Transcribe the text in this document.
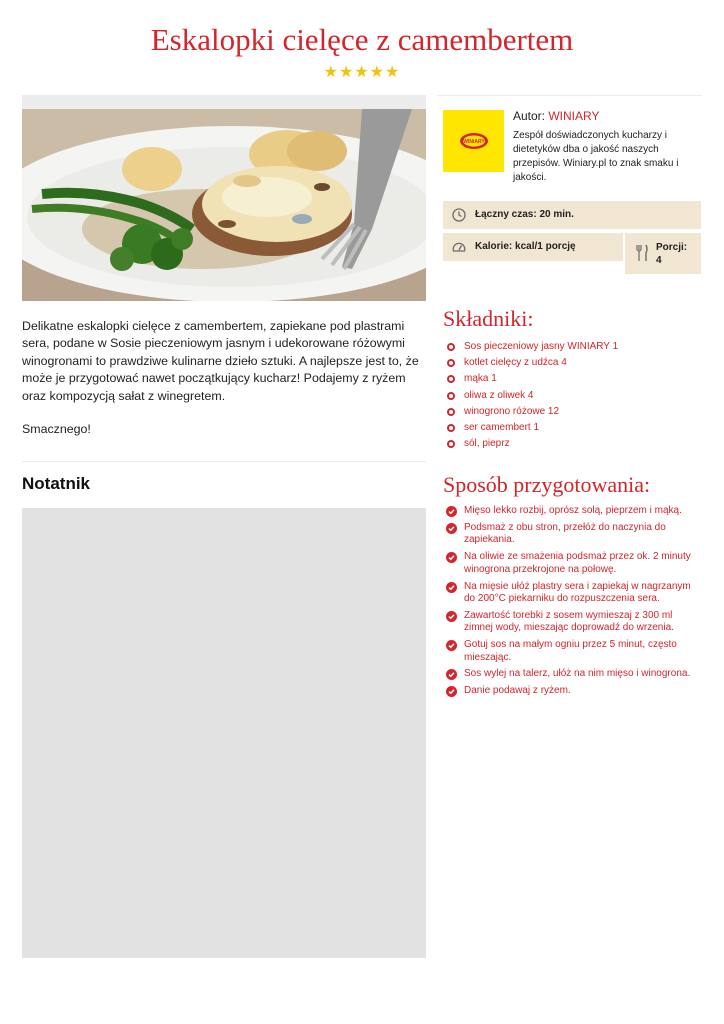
Eskalopki cielęce z camembertem
★★★★★

Delikatne eskalopki cielęce z camembertem, zapiekane pod plastrami sera, podane w Sosie pieczeniowym jasnym i udekorowane różowymi winogronami to prawdziwe kulinarne dzieło sztuki. A najlepsze jest to, że może je przygotować nawet początkujący kucharz! Podajemy z ryżem oraz kompozycją sałat z winegretem.

Smacznego!

Notatnik
WINIARY
Autor: WINIARY
Zespół doświadczonych kucharzy i dietetyków dba o jakość naszych przepisów. Winiary.pl to znak smaku i jakości.
Łączny czas: 20 min.
Kalorie: kcal/1 porcję	Porcji:
4
Składniki:
Sos pieczeniowy jasny WINIARY 1
kotlet cielęcy z udźca 4
mąka 1
oliwa z oliwek 4
winogrono różowe 12
ser camembert 1
sól, pieprz
Sposób przygotowania:
Mięso lekko rozbij, oprósz solą, pieprzem i mąką.
Podsmaż z obu stron, przełóż do naczynia do zapiekania.
Na oliwie ze smażenia podsmaż przez ok. 2 minuty winogrona przekrojone na połowę.
Na mięsie ułóż plastry sera i zapiekaj w nagrzanym do 200°C piekarniku do rozpuszczenia sera.
Zawartość torebki z sosem wymieszaj z 300 ml zimnej wody, mieszając doprowadź do wrzenia.
Gotuj sos na małym ogniu przez 5 minut, często mieszając.
Sos wylej na talerz, ułóż na nim mięso i winogrona.
Danie podawaj z ryżem.
